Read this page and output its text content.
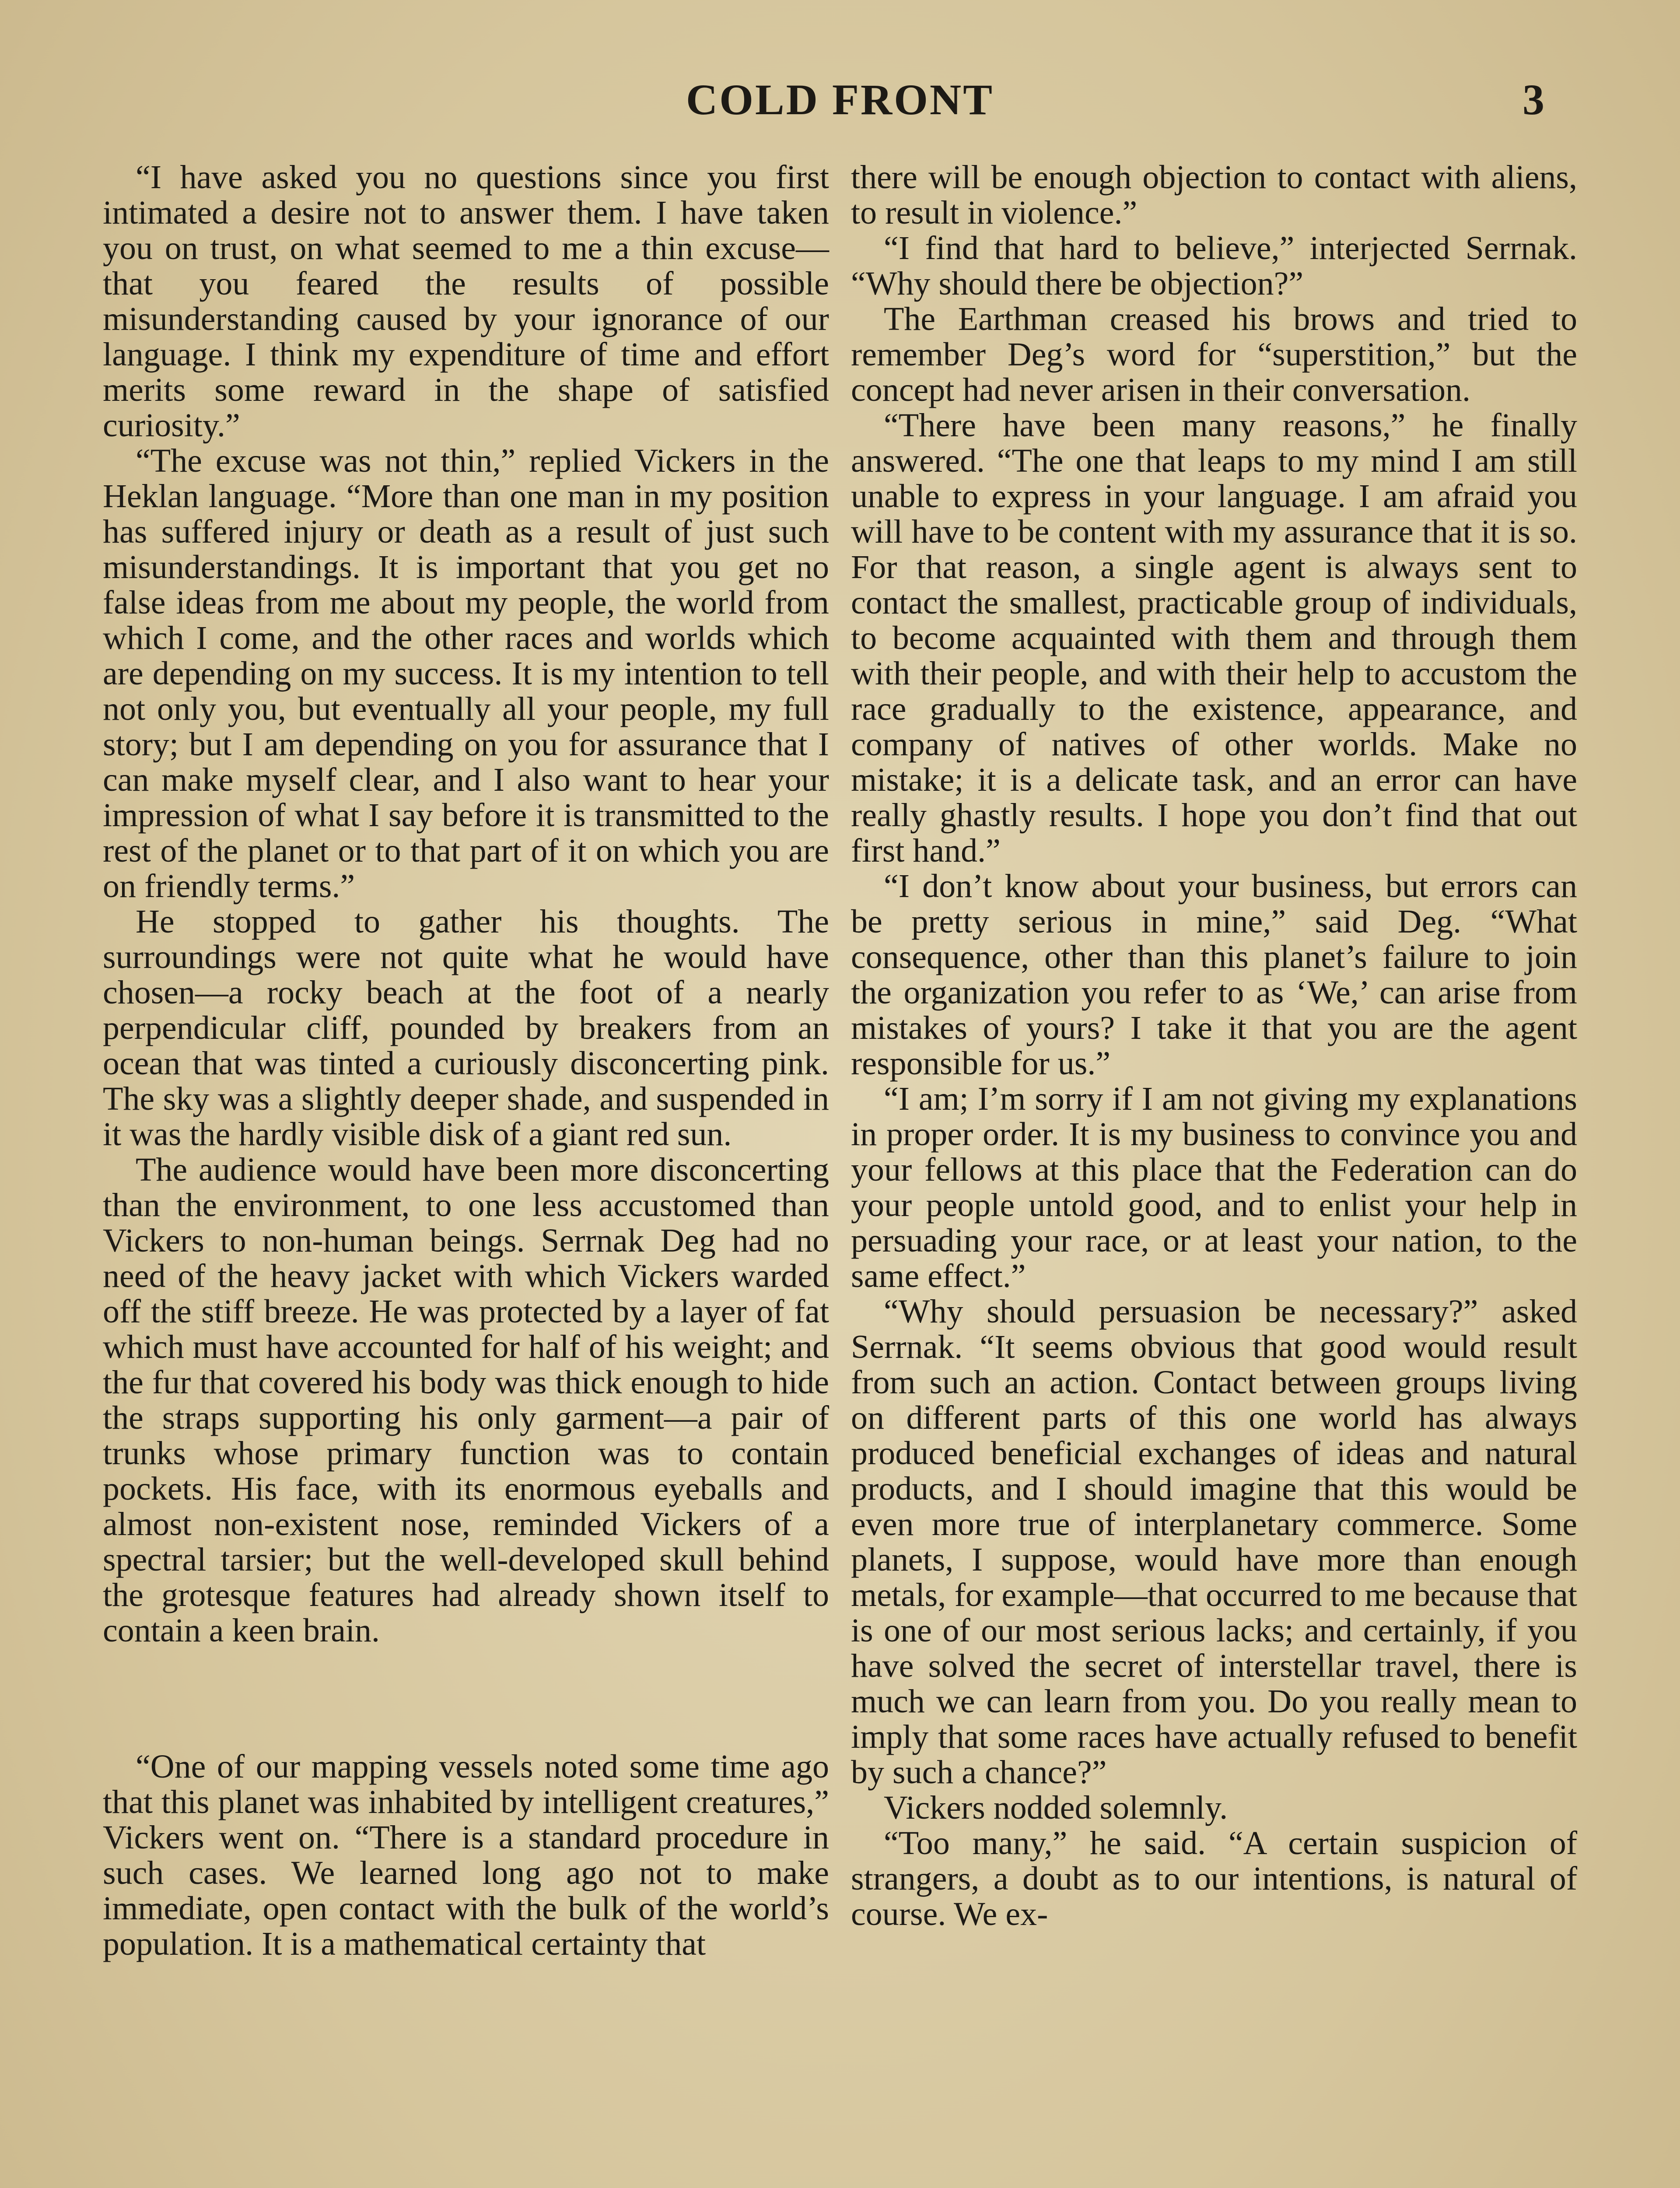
COLD FRONT	3

“I have asked you no questions since you first intimated a desire not to answer them. I have taken you on trust, on what seemed to me a thin excuse—that you feared the results of possible misunderstanding caused by your ignorance of our language. I think my expenditure of time and effort merits some reward in the shape of satisfied curiosity.”

“The excuse was not thin,” replied Vickers in the Heklan language. “More than one man in my position has suffered injury or death as a result of just such misunderstandings. It is important that you get no false ideas from me about my people, the world from which I come, and the other races and worlds which are depending on my success. It is my intention to tell not only you, but eventually all your people, my full story; but I am depending on you for assurance that I can make myself clear, and I also want to hear your impression of what I say before it is transmitted to the rest of the planet or to that part of it on which you are on friendly terms.”

He stopped to gather his thoughts. The surroundings were not quite what he would have chosen—a rocky beach at the foot of a nearly perpendicular cliff, pounded by breakers from an ocean that was tinted a curiously disconcerting pink. The sky was a slightly deeper shade, and suspended in it was the hardly visible disk of a giant red sun.

The audience would have been more disconcerting than the environment, to one less accustomed than Vickers to non-human beings. Serrnak Deg had no need of the heavy jacket with which Vickers warded off the stiff breeze. He was protected by a layer of fat which must have accounted for half of his weight; and the fur that covered his body was thick enough to hide the straps supporting his only garment—a pair of trunks whose primary function was to contain pockets. His face, with its enormous eyeballs and almost non-existent nose, reminded Vickers of a spectral tarsier; but the well-developed skull behind the grotesque features had already shown itself to contain a keen brain.

“One of our mapping vessels noted some time ago that this planet was inhabited by intelligent creatures,” Vickers went on. “There is a standard procedure in such cases. We learned long ago not to make immediate, open contact with the bulk of the world’s population. It is a mathematical certainty that

there will be enough objection to contact with aliens, to result in violence.”

“I find that hard to believe,” interjected Serrnak. “Why should there be objection?”

The Earthman creased his brows and tried to remember Deg’s word for “superstition,” but the concept had never arisen in their conversation.

“There have been many reasons,” he finally answered. “The one that leaps to my mind I am still unable to express in your language. I am afraid you will have to be content with my assurance that it is so. For that reason, a single agent is always sent to contact the smallest, practicable group of individuals, to become acquainted with them and through them with their people, and with their help to accustom the race gradually to the existence, appearance, and company of natives of other worlds. Make no mistake; it is a delicate task, and an error can have really ghastly results. I hope you don’t find that out first hand.”

“I don’t know about your business, but errors can be pretty serious in mine,” said Deg. “What consequence, other than this planet’s failure to join the organization you refer to as ‘We,’ can arise from mistakes of yours? I take it that you are the agent responsible for us.”

“I am; I’m sorry if I am not giving my explanations in proper order. It is my business to convince you and your fellows at this place that the Federation can do your people untold good, and to enlist your help in persuading your race, or at least your nation, to the same effect.”

“Why should persuasion be necessary?” asked Serrnak. “It seems obvious that good would result from such an action. Contact between groups living on different parts of this one world has always produced beneficial exchanges of ideas and natural products, and I should imagine that this would be even more true of interplanetary commerce. Some planets, I suppose, would have more than enough metals, for example—that occurred to me because that is one of our most serious lacks; and certainly, if you have solved the secret of interstellar travel, there is much we can learn from you. Do you really mean to imply that some races have actually refused to benefit by such a chance?”

Vickers nodded solemnly.

“Too many,” he said. “A certain suspicion of strangers, a doubt as to our intentions, is natural of course. We ex-
